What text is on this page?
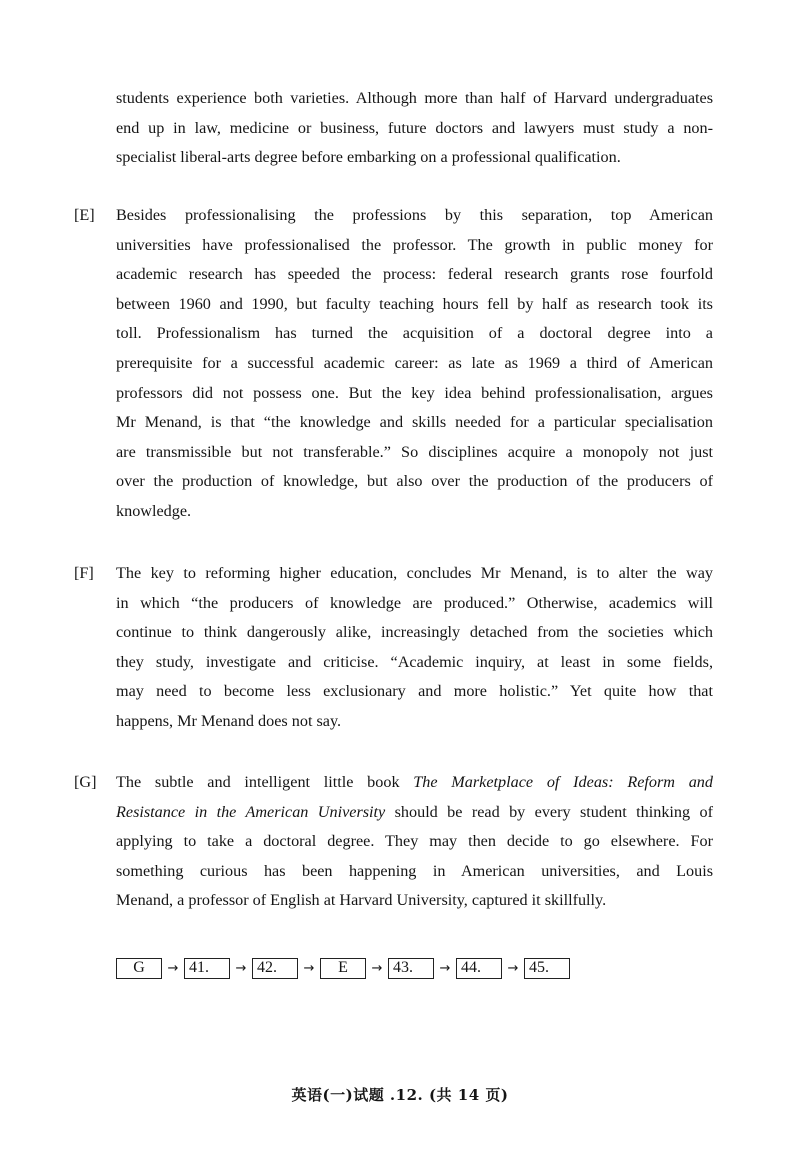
students experience both varieties. Although more than half of Harvard undergraduates
end up in law, medicine or business, future doctors and lawyers must study a non-
specialist liberal-arts degree before embarking on a professional qualification.
[E]	Besides professionalising the professions by this separation, top American
universities have professionalised the professor. The growth in public money for
academic research has speeded the process: federal research grants rose fourfold
between 1960 and 1990, but faculty teaching hours fell by half as research took its
toll. Professionalism has turned the acquisition of a doctoral degree into a
prerequisite for a successful academic career: as late as 1969 a third of American
professors did not possess one. But the key idea behind professionalisation, argues
Mr Menand, is that “the knowledge and skills needed for a particular specialisation
are transmissible but not transferable.” So disciplines acquire a monopoly not just
over the production of knowledge, but also over the production of the producers of
knowledge.
[F]	The key to reforming higher education, concludes Mr Menand, is to alter the way
in which “the producers of knowledge are produced.” Otherwise, academics will
continue to think dangerously alike, increasingly detached from the societies which
they study, investigate and criticise. “Academic inquiry, at least in some fields,
may need to become less exclusionary and more holistic.” Yet quite how that
happens, Mr Menand does not say.
[G]	The subtle and intelligent little book The Marketplace of Ideas: Reform and
Resistance in the American University should be read by every student thinking of
applying to take a doctoral degree. They may then decide to go elsewhere. For
something curious has been happening in American universities, and Louis
Menand, a professor of English at Harvard University, captured it skillfully.
G	→ 41.	→ 42.	→	E	→ 43.	→ 44.	→ 45.
英语(一)试题 .12. (共 14 页)
